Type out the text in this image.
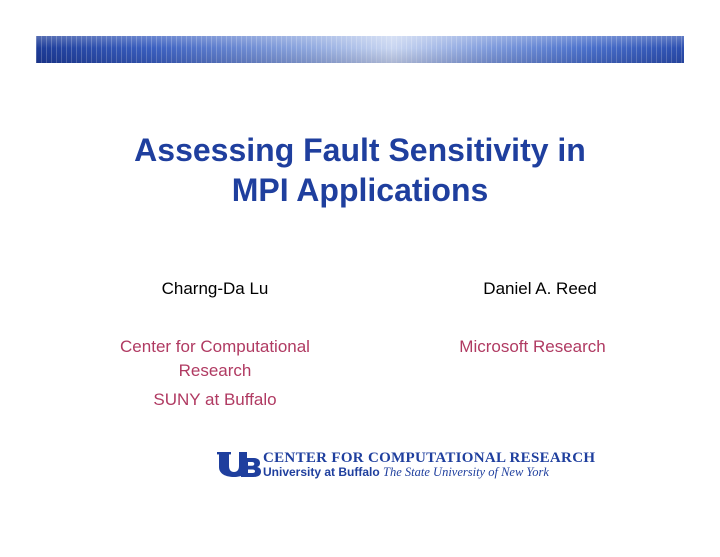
Assessing Fault Sensitivity in
MPI Applications
Charng-Da Lu	Daniel A. Reed
Center for Computational
Research
SUNY at Buffalo
Microsoft Research
CENTER FOR COMPUTATIONAL RESEARCH
University at Buffalo The State University of New York
